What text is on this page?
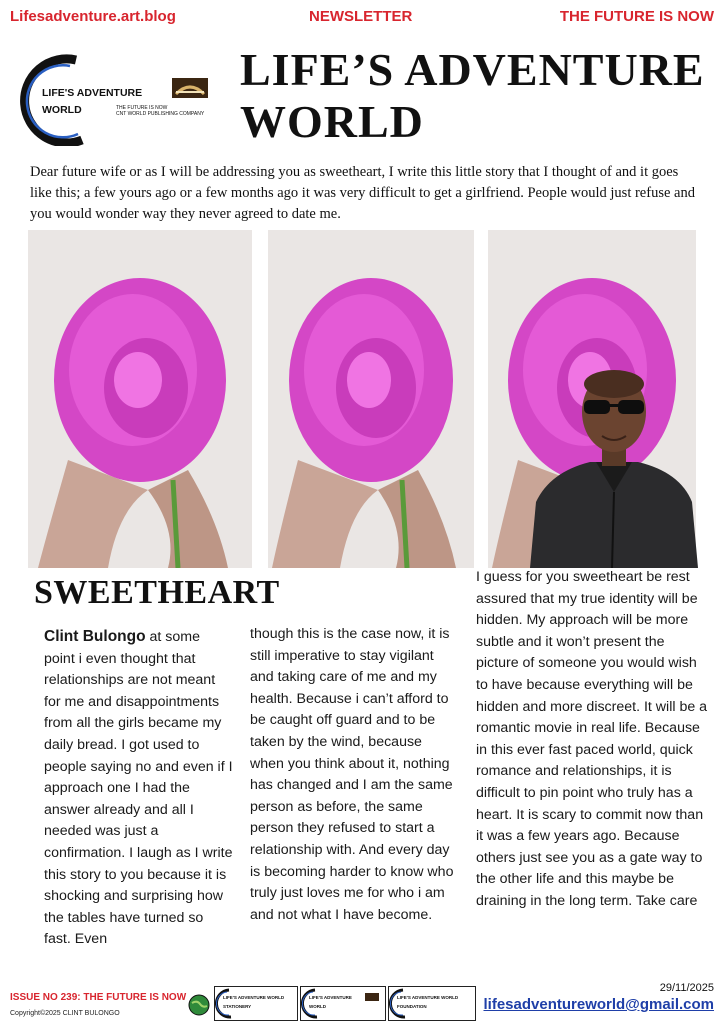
Lifesadventure.art.blog	NEWSLETTER	THE FUTURE IS NOW
LIFE'S ADVENTURE
WORLD	THE FUTURE IS NOW
CNT WORLD PUBLISHING COMPANY
LIFE’S ADVENTURE
WORLD
Dear future wife or as I will be addressing you as sweetheart, I write this little story that I thought of and it goes like this; a few yours ago or a few months ago it was very difficult to get a girlfriend. People would just refuse and you would wonder way they never agreed to date me.
SWEETHEART
Clint Bulongo at some point i even thought that relationships are not meant for me and disappointments from all the girls became my daily bread. I got used to people saying no and even if I approach one I had the answer already and all I needed was just a confirmation. I laugh as I write this story to you because it is shocking and surprising how the tables have turned so fast. Even
though this is the case now, it is still imperative to stay vigilant and taking care of me and my health. Because i can’t afford to be caught off guard and to be taken by the wind, because when you think about it, nothing has changed and I am the same person as before, the same person they refused to start a relationship with. And every day is becoming harder to know who truly just loves me for who i am and not what I have become.
I guess for you sweetheart be rest assured that my true identity will be hidden. My approach will be more subtle and it won’t present the picture of someone you would wish to have because everything will be hidden and more discreet. It will be a romantic movie in real life. Because in this ever fast paced world, quick romance and relationships, it is difficult to pin point who truly has a heart. It is scary to commit now than it was a few years ago. Because others just see you as a gate way to the other life and this maybe be draining in the long term. Take care
ISSUE NO 239: THE FUTURE IS NOW
Copyright©2025 CLINT BULONGO
LIFE'S ADVENTURE WORLD
STATIONERY
LIFE'S ADVENTURE
WORLD
LIFE'S ADVENTURE WORLD
FOUNDATION
29/11/2025
lifesadventureworld@gmail.com
